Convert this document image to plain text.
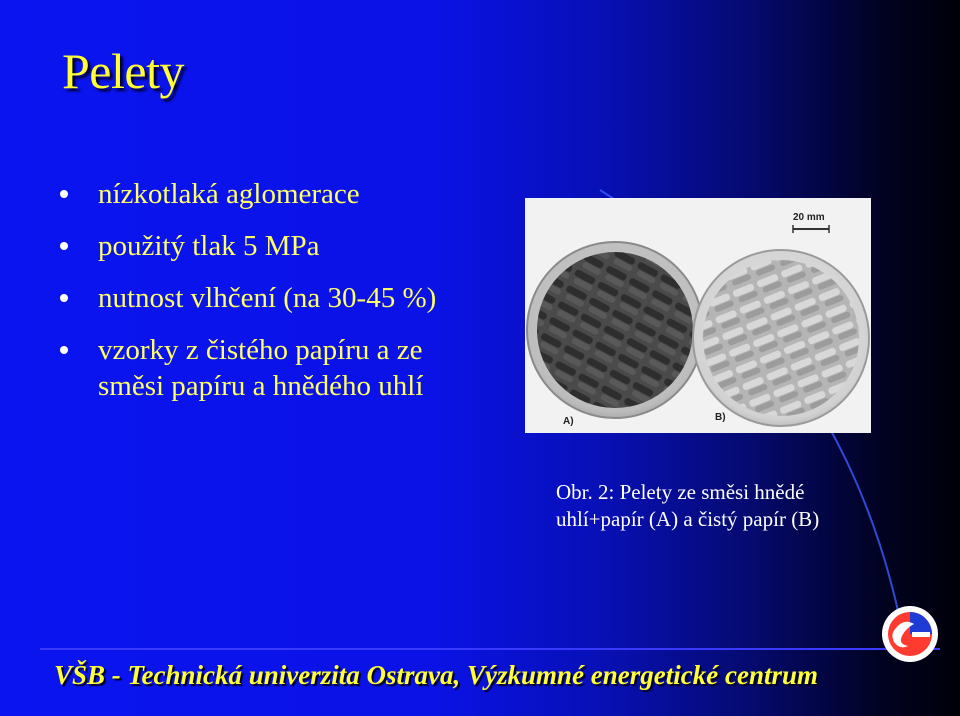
Pelety
nízkotlaká aglomerace
použitý tlak 5 MPa
nutnost vlhčení (na 30-45 %)
vzorky z čistého papíru a ze směsi papíru a hnědého uhlí
20 mm
A)	B)

Obr. 2: Pelety ze směsi hnědé uhlí+papír (A) a čistý papír (B)

VŠB - Technická univerzita Ostrava, Výzkumné energetické centrum
